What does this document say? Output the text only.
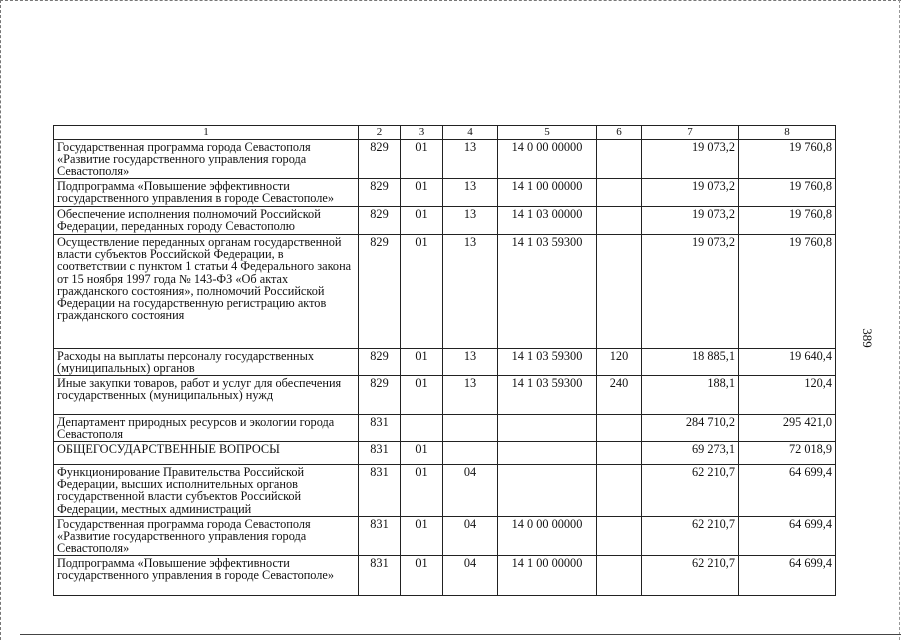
389
1	2	3	4	5	6	7	8
Государственная программа города Севастополя «Развитие государственного управления города Севастополя»	829	01	13	14 0 00 00000		19 073,2	19 760,8
Подпрограмма «Повышение эффективности государственного управления в городе Севастополе»	829	01	13	14 1 00 00000		19 073,2	19 760,8
Обеспечение исполнения полномочий Российской Федерации, переданных городу Севастополю	829	01	13	14 1 03 00000		19 073,2	19 760,8
Осуществление переданных органам государственной власти субъектов Российской Федерации, в соответствии с пунктом 1 статьи 4 Федерального закона от 15 ноября 1997 года № 143-ФЗ «Об актах гражданского состояния», полномочий Российской Федерации на государственную регистрацию актов гражданского состояния	829	01	13	14 1 03 59300		19 073,2	19 760,8
Расходы на выплаты персоналу государственных (муниципальных) органов	829	01	13	14 1 03 59300	120	18 885,1	19 640,4
Иные закупки товаров, работ и услуг для обеспечения государственных (муниципальных) нужд	829	01	13	14 1 03 59300	240	188,1	120,4
Департамент природных ресурсов и экологии города Севастополя	831					284 710,2	295 421,0
ОБЩЕГОСУДАРСТВЕННЫЕ ВОПРОСЫ	831	01				69 273,1	72 018,9
Функционирование Правительства Российской Федерации, высших исполнительных органов государственной власти субъектов Российской Федерации, местных администраций	831	01	04			62 210,7	64 699,4
Государственная программа города Севастополя «Развитие государственного управления города Севастополя»	831	01	04	14 0 00 00000		62 210,7	64 699,4
Подпрограмма «Повышение эффективности государственного управления в городе Севастополе»	831	01	04	14 1 00 00000		62 210,7	64 699,4
